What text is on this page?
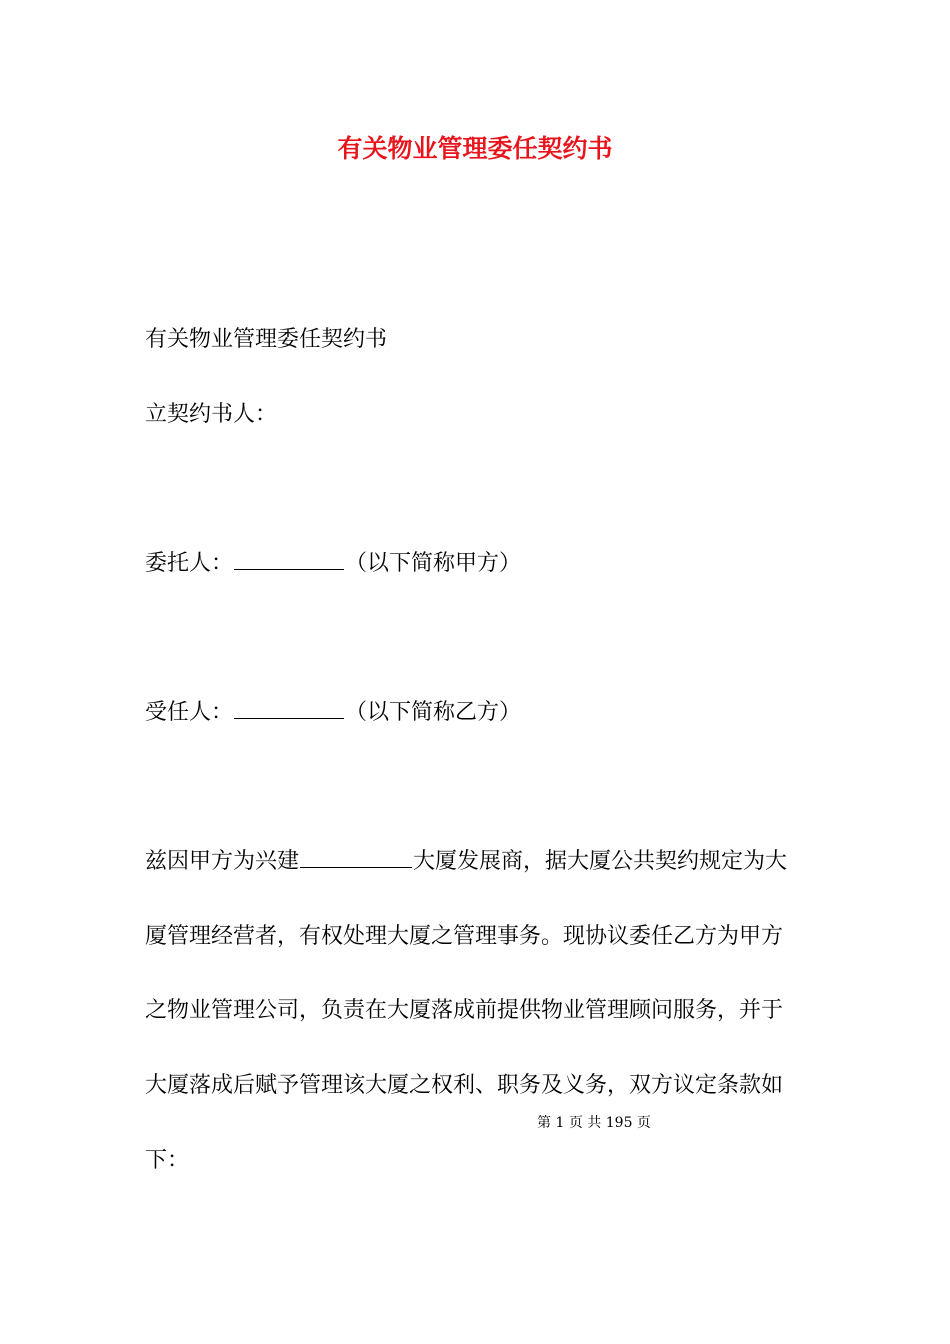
有关物业管理委任契约书
有关物业管理委任契约书
立契约书人：
委托人：	（以下简称甲方）
受任人：	（以下简称乙方）
兹因甲方为兴建	大厦发展商，据大厦公共契约规定为大
厦管理经营者，有权处理大厦之管理事务。现协议委任乙方为甲方
之物业管理公司，负责在大厦落成前提供物业管理顾问服务，并于
大厦落成后赋予管理该大厦之权利、职务及义务，双方议定条款如
下：
第 1 页 共 195 页
